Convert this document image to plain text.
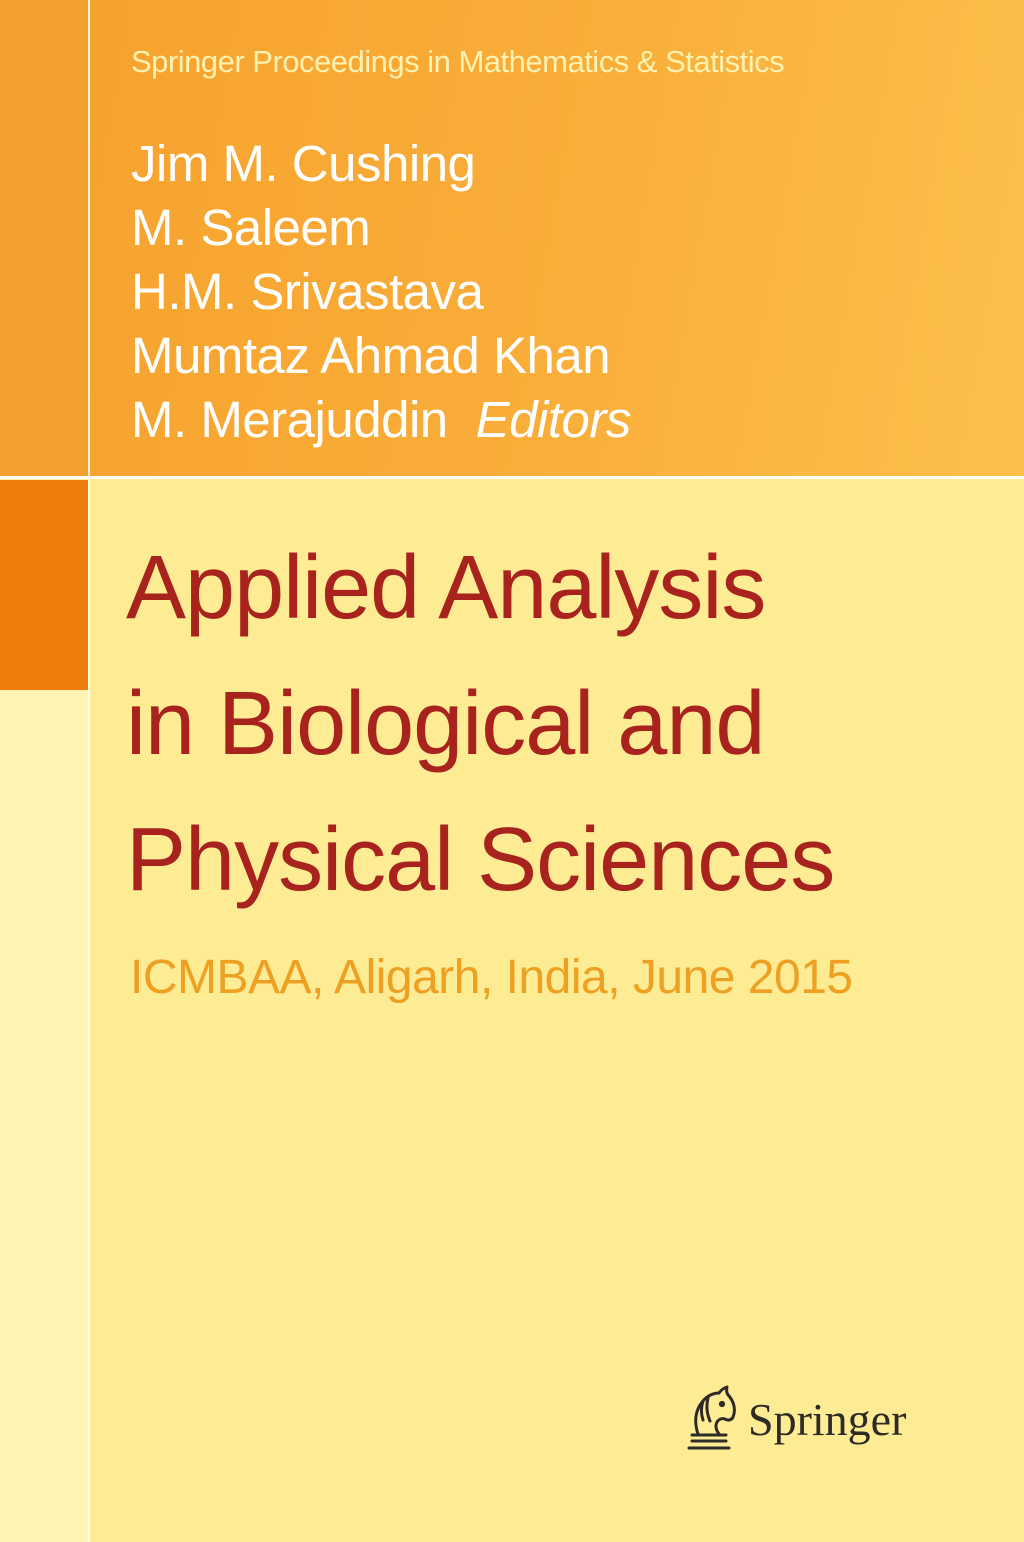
Springer Proceedings in Mathematics & Statistics
Jim M. Cushing
M. Saleem
H.M. Srivastava
Mumtaz Ahmad Khan
M. Merajuddin Editors
Applied Analysis
in Biological and
Physical Sciences
ICMBAA, Aligarh, India, June 2015
Springer
